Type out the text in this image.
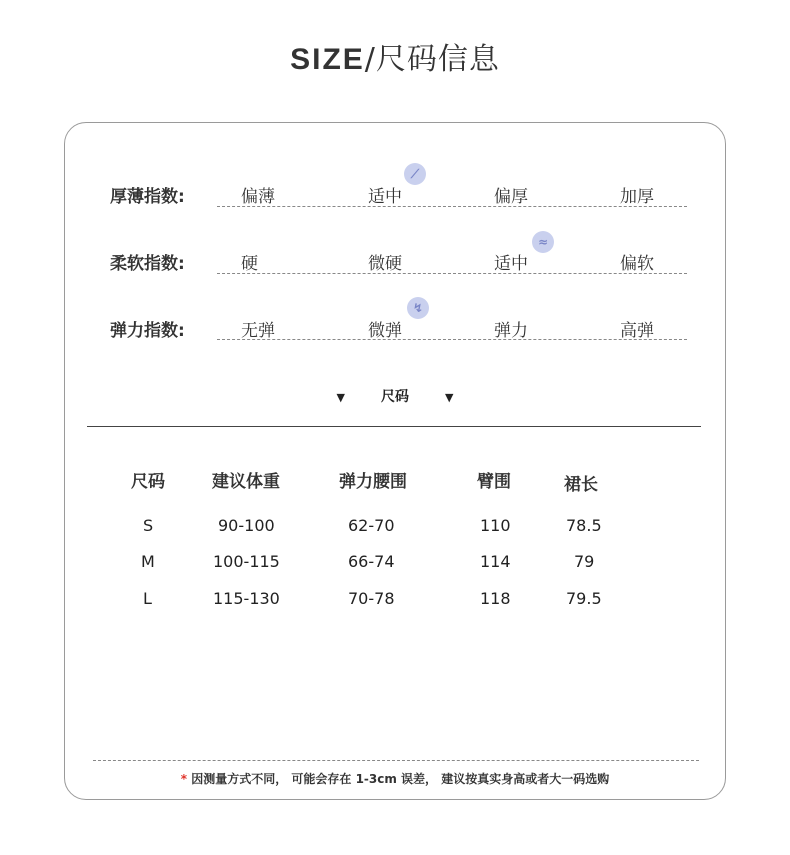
SIZE/尺码信息
厚薄指数:	偏薄	适中	偏厚	加厚
⟋
柔软指数:	硬	微硬	适中	偏软
≈
弹力指数:	无弹	微弹	弹力	高弹
↯
▼	尺码	▼
尺码	建议体重	弹力腰围	臂围	裙长
S	90-100	62-70	110	78.5
M	100-115	66-74	114	79
L	115-130	70-78	118	79.5
* 因测量方式不同， 可能会存在 1-3cm 误差， 建议按真实身高或者大一码选购
